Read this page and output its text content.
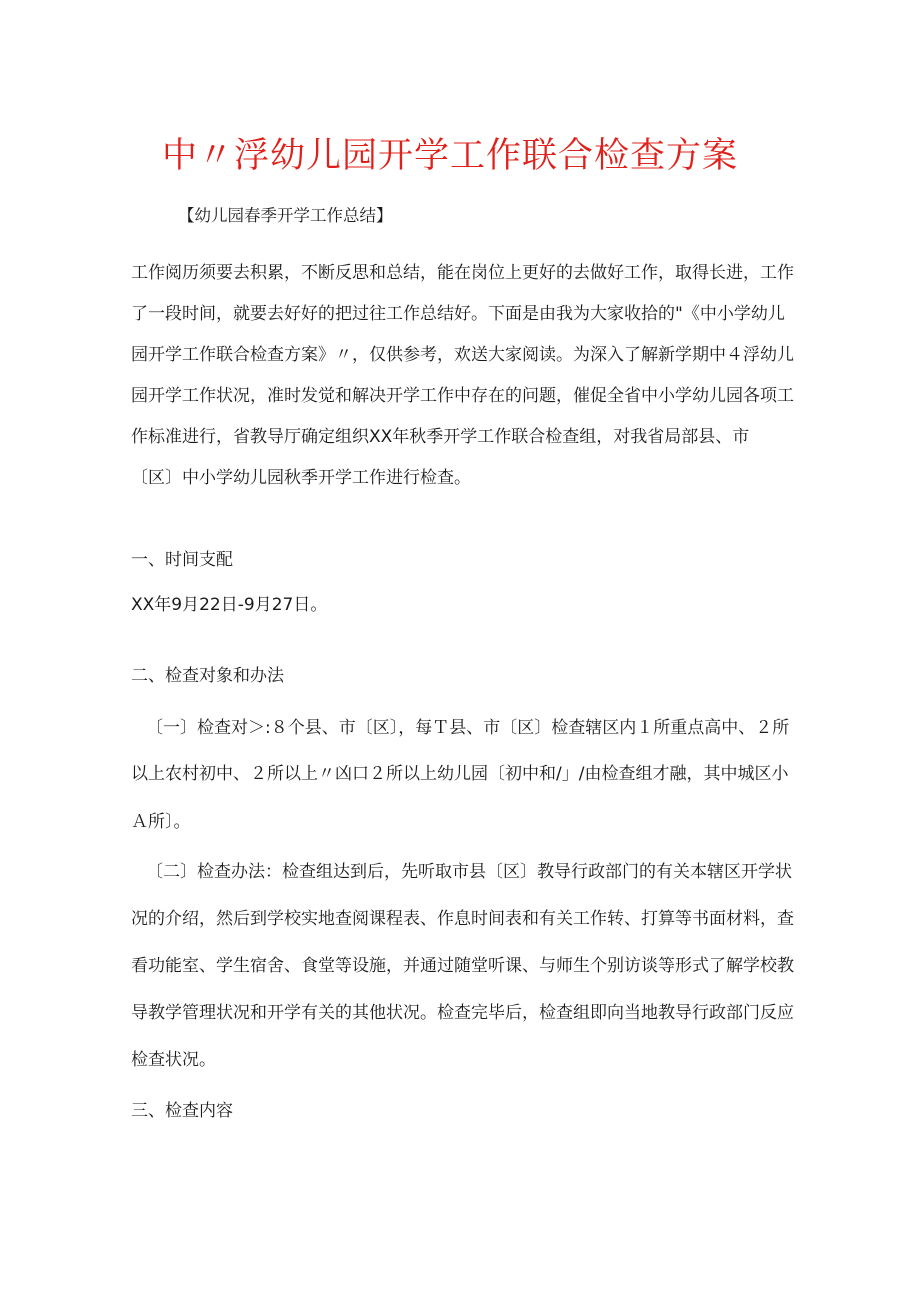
中〃浮幼儿园开学工作联合检查方案
【幼儿园春季开学工作总结】
工作阅历须要去积累，不断反思和总结，能在岗位上更好的去做好工作，取得长进，工作
了一段时间，就要去好好的把过往工作总结好。下面是由我为大家收拾的"《中小学幼儿
园开学工作联合检查方案》〃，仅供参考，欢送大家阅读。为深入了解新学期中４浮幼儿
园开学工作状况，准时发觉和解决开学工作中存在的问题，催促全省中小学幼儿园各项工
作标准进行，省教导厅确定组织XX年秋季开学工作联合检查组，对我省局部县、市
〔区〕中小学幼儿园秋季开学工作进行检查。
一、时间支配
XX年9月22日-9月27日。
二、检查对象和办法
〔一〕检查对＞:８个县、市〔区〕，每Ｔ县、市〔区〕检查辖区内１所重点高中、２所
以上农村初中、２所以上〃凶口２所以上幼儿园〔初中和/」/由检查组才融，其中城区小
Ａ所〕。
〔二〕检查办法：检查组达到后，先听取市县〔区〕教导行政部门的有关本辖区开学状
况的介绍，然后到学校实地查阅课程表、作息时间表和有关工作转、打算等书面材料，查
看功能室、学生宿舍、食堂等设施，并通过随堂听课、与师生个别访谈等形式了解学校教
导教学管理状况和开学有关的其他状况。检查完毕后，检查组即向当地教导行政部门反应
检查状况。
三、检查内容
